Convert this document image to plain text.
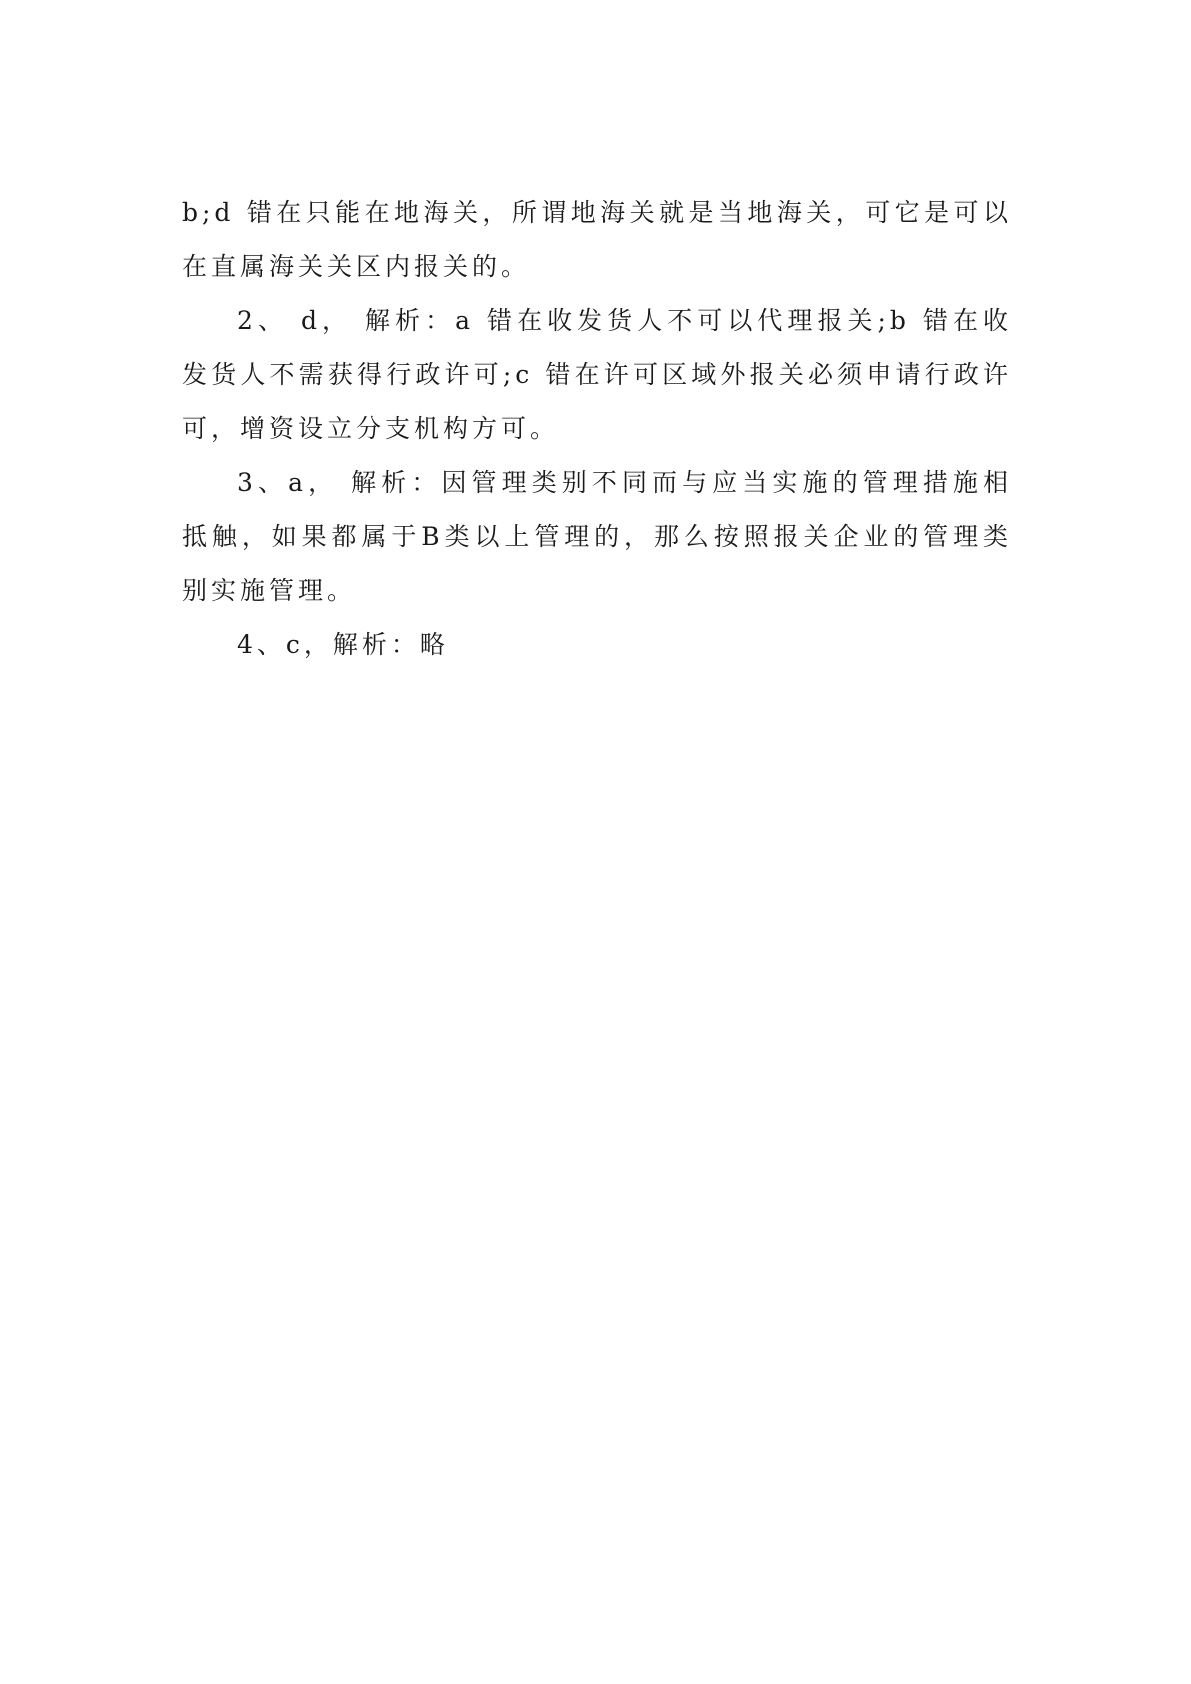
b;d 错在只能在地海关，所谓地海关就是当地海关，可它是可以在直属海关关区内报关的。

2、 d， 解析：a 错在收发货人不可以代理报关;b 错在收发货人不需获得行政许可;c 错在许可区域外报关必须申请行政许可，增资设立分支机构方可。

3、a， 解析：因管理类别不同而与应当实施的管理措施相抵触，如果都属于B类以上管理的，那么按照报关企业的管理类别实施管理。

4、c，解析：略
